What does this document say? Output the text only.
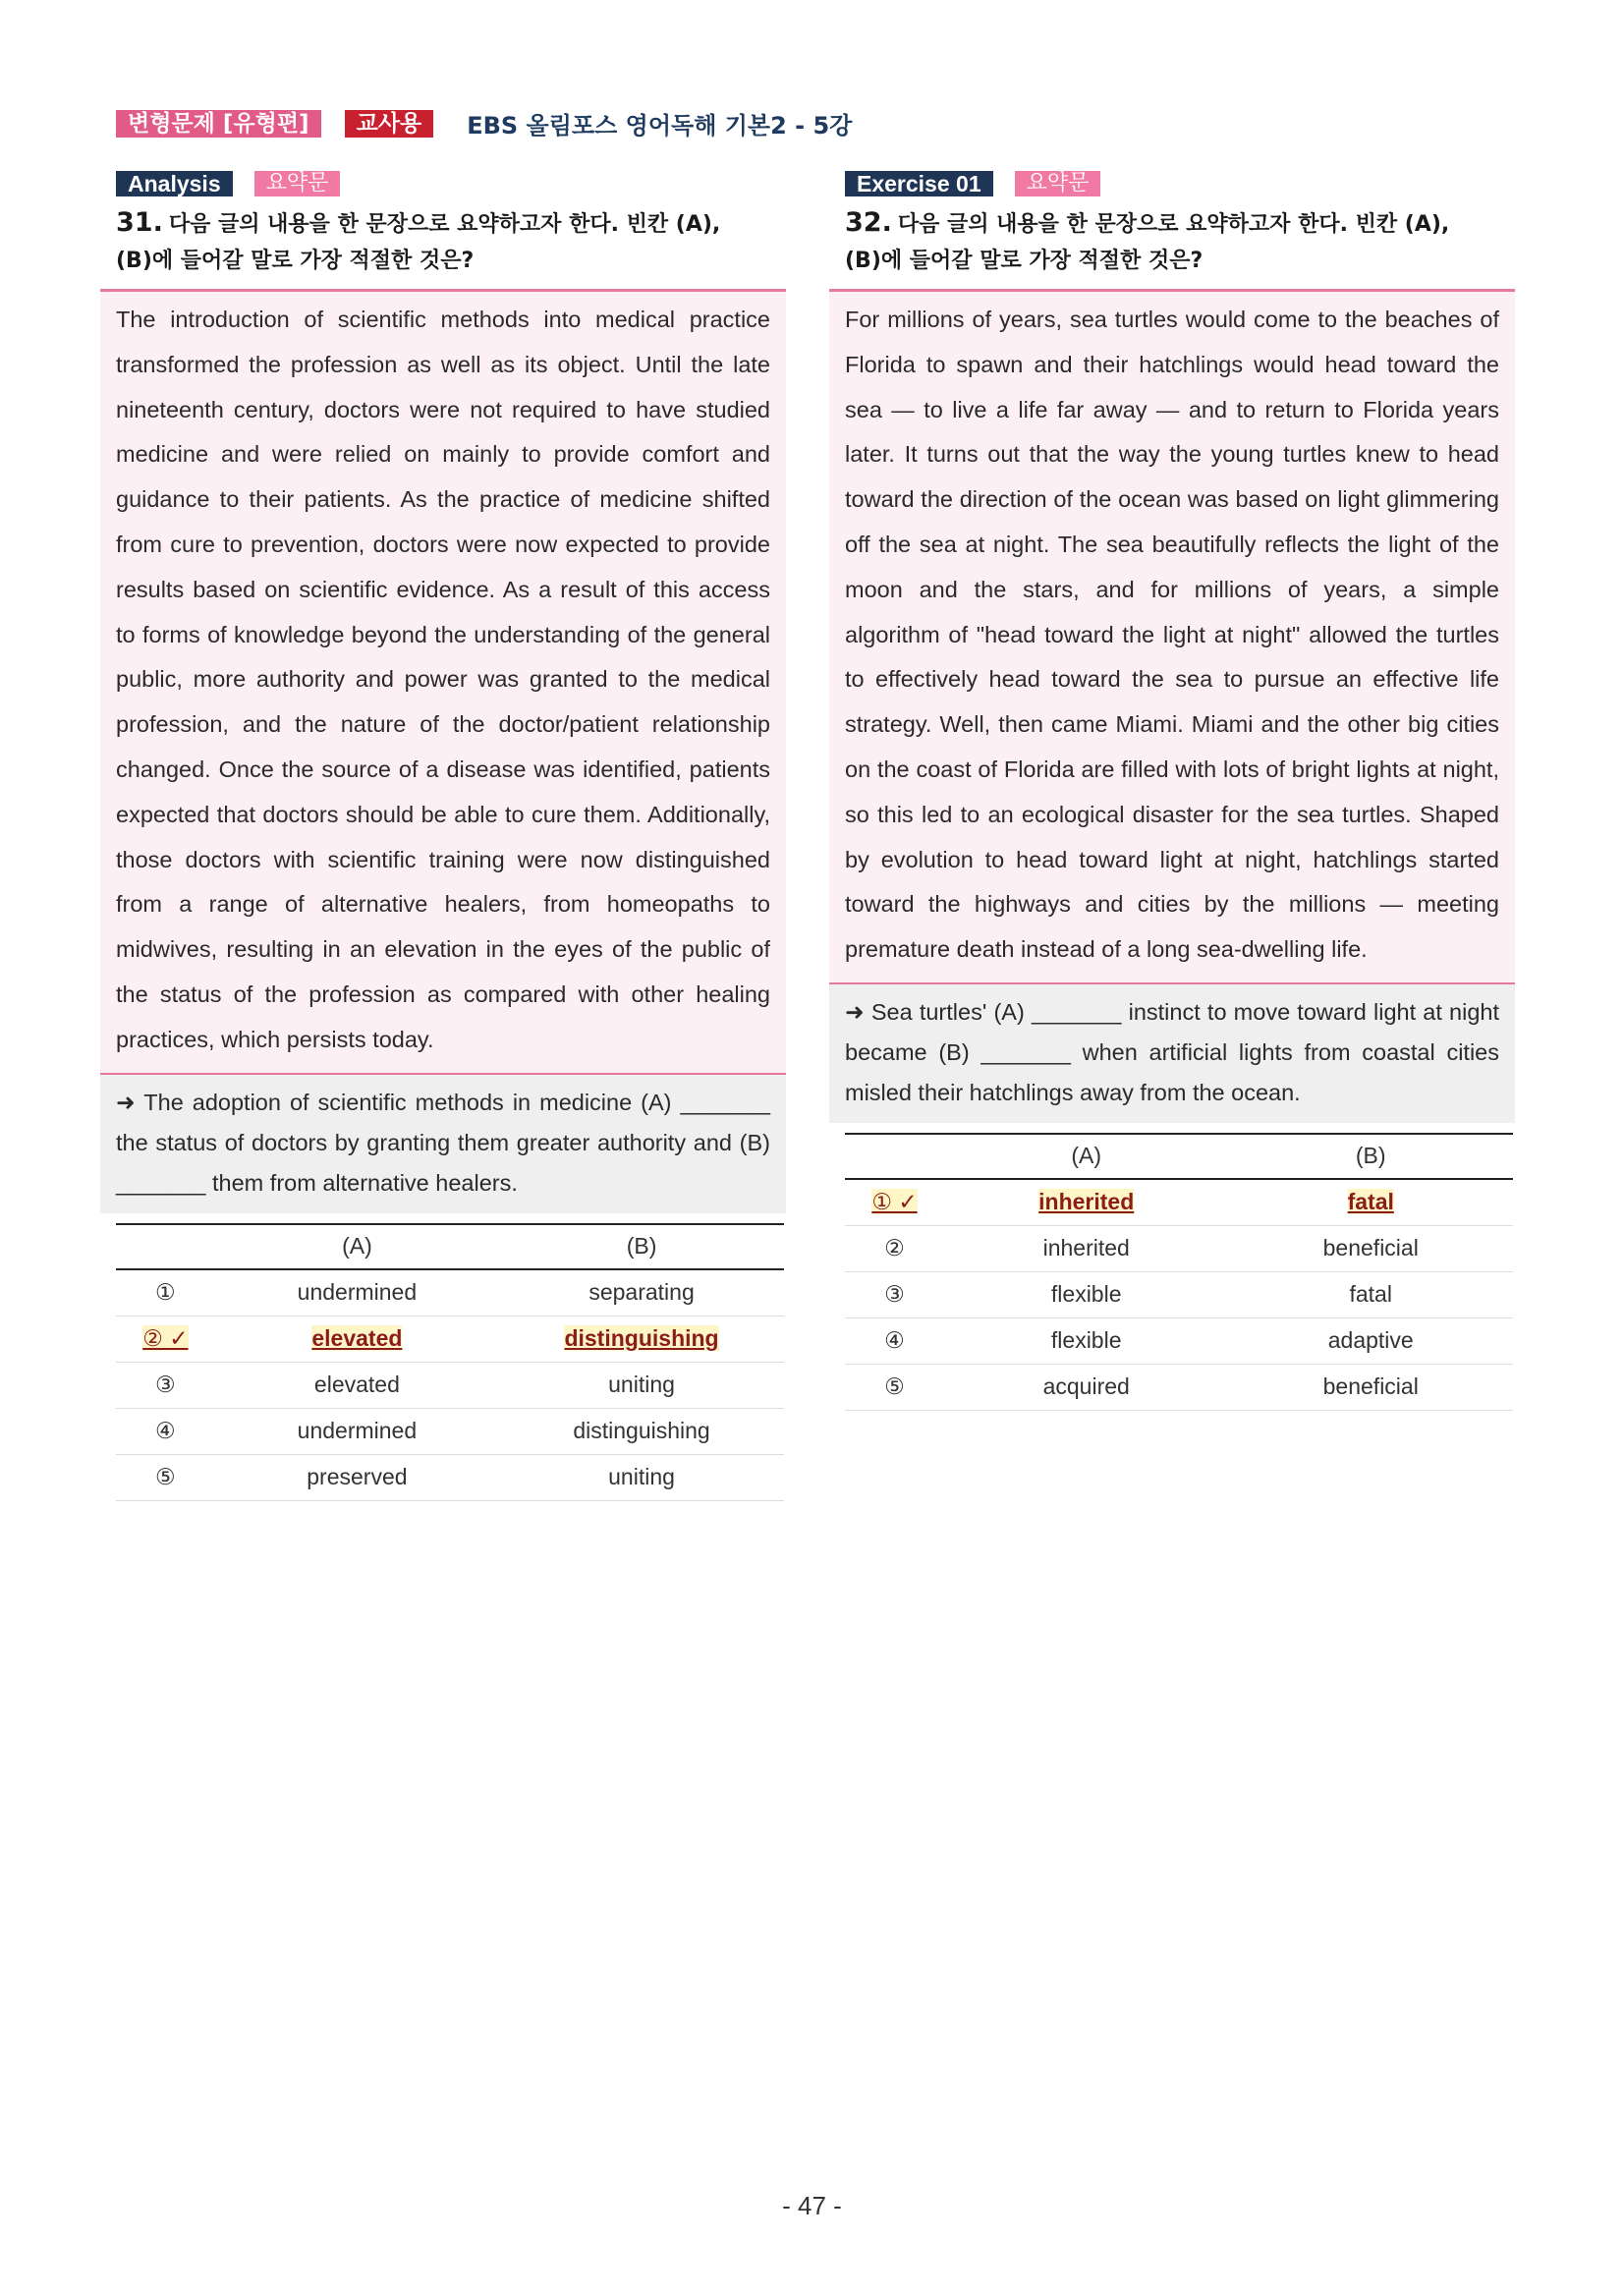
변형문제 [유형편]	교사용	EBS 올림포스 영어독해 기본2 - 5강
Analysis	요약문
31. 다음 글의 내용을 한 문장으로 요약하고자 한다. 빈칸 (A),
(B)에 들어갈 말로 가장 적절한 것은?
The introduction of scientific methods into medical practice transformed the profession as well as its object. Until the late nineteenth century, doctors were not required to have studied medicine and were relied on mainly to provide comfort and guidance to their patients. As the practice of medicine shifted from cure to prevention, doctors were now expected to provide results based on scientific evidence. As a result of this access to forms of knowledge beyond the understanding of the general public, more authority and power was granted to the medical profession, and the nature of the doctor/patient relationship changed. Once the source of a disease was identified, patients expected that doctors should be able to cure them. Additionally, those doctors with scientific training were now distinguished from a range of alternative healers, from homeopaths to midwives, resulting in an elevation in the eyes of the public of the status of the profession as compared with other healing practices, which persists today.
➜ The adoption of scientific methods in medicine (A) _______ the status of doctors by granting them greater authority and (B) _______ them from alternative healers.
	(A)	(B)
①	undermined	separating
② ✓	elevated	distinguishing
③	elevated	uniting
④	undermined	distinguishing
⑤	preserved	uniting
Exercise 01	요약문
32. 다음 글의 내용을 한 문장으로 요약하고자 한다. 빈칸 (A),
(B)에 들어갈 말로 가장 적절한 것은?
For millions of years, sea turtles would come to the beaches of Florida to spawn and their hatchlings would head toward the sea — to live a life far away — and to return to Florida years later. It turns out that the way the young turtles knew to head toward the direction of the ocean was based on light glimmering off the sea at night. The sea beautifully reflects the light of the moon and the stars, and for millions of years, a simple algorithm of "head toward the light at night" allowed the turtles to effectively head toward the sea to pursue an effective life strategy. Well, then came Miami. Miami and the other big cities on the coast of Florida are filled with lots of bright lights at night, so this led to an ecological disaster for the sea turtles. Shaped by evolution to head toward light at night, hatchlings started toward the highways and cities by the millions — meeting premature death instead of a long sea-dwelling life.
➜ Sea turtles' (A) _______ instinct to move toward light at night became (B) _______ when artificial lights from coastal cities misled their hatchlings away from the ocean.
	(A)	(B)
① ✓	inherited	fatal
②	inherited	beneficial
③	flexible	fatal
④	flexible	adaptive
⑤	acquired	beneficial
- 47 -
